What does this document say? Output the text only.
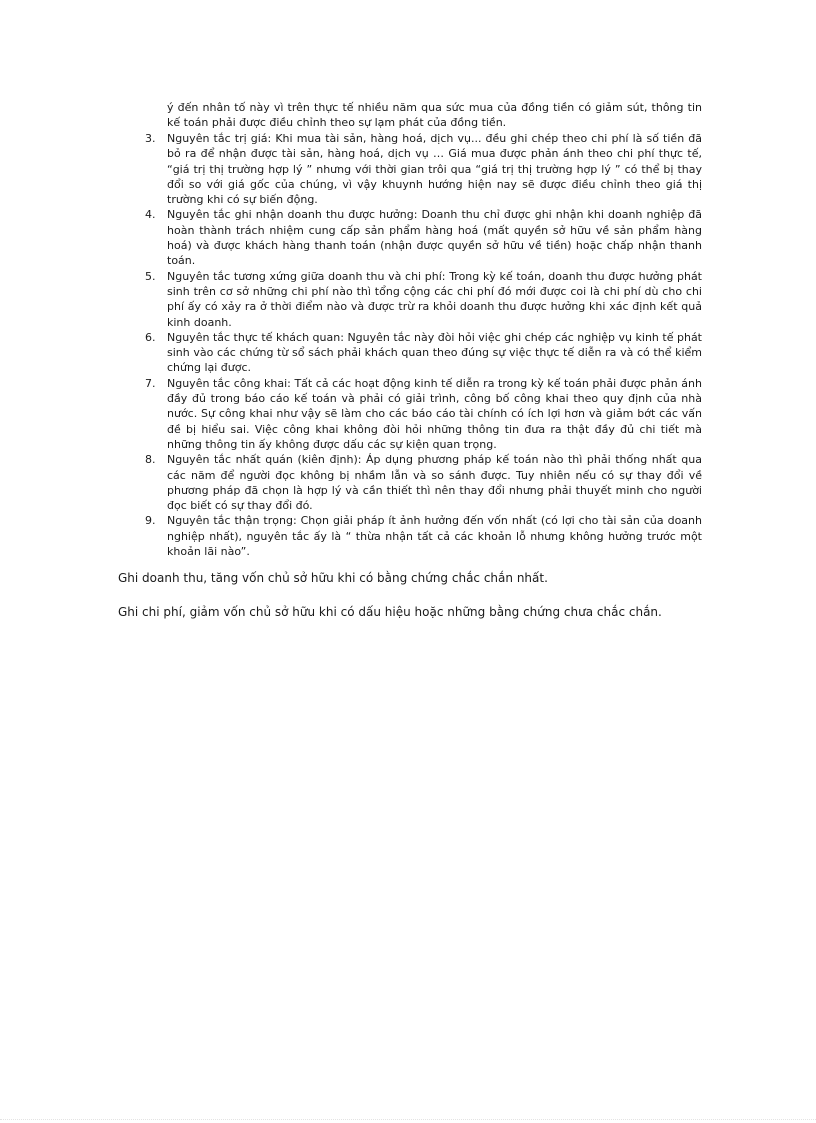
ý đến nhân tố này vì trên thực tế nhiều năm qua sức mua của đồng tiền có giảm sút, thông tin kế toán phải được điều chỉnh theo sự lạm phát của đồng tiền.
3.	Nguyên tắc trị giá: Khi mua tài sản, hàng hoá, dịch vụ... đều ghi chép theo chi phí là số tiền đã bỏ ra để nhận được tài sản, hàng hoá, dịch vụ … Giá mua được phản ánh theo chi phí thực tế, “giá trị thị trường hợp lý ” nhưng với thời gian trôi qua “giá trị thị trường hợp lý ” có thể bị thay đổi so với giá gốc của chúng, vì vậy khuynh hướng hiện nay sẽ được điều chỉnh theo giá thị trường khi có sự biến động.
4.	Nguyên tắc ghi nhận doanh thu được hưởng: Doanh thu chỉ được ghi nhận khi doanh nghiệp đã hoàn thành trách nhiệm cung cấp sản phẩm hàng hoá (mất quyền sở hữu về sản phẩm hàng hoá) và được khách hàng thanh toán (nhận được quyền sở hữu về tiền) hoặc chấp nhận thanh toán.
5.	Nguyên tắc tương xứng giữa doanh thu và chi phí: Trong kỳ kế toán, doanh thu được hưởng phát sinh trên cơ sở những chi phí nào thì tổng cộng các chi phí đó mới được coi là chi phí dù cho chi phí ấy có xảy ra ở thời điểm nào và được trừ ra khỏi doanh thu được hưởng khi xác định kết quả kinh doanh.
6.	Nguyên tắc thực tế khách quan: Nguyên tắc này đòi hỏi việc ghi chép các nghiệp vụ kinh tế phát sinh vào các chứng từ sổ sách phải khách quan theo đúng sự việc thực tế diễn ra và có thể kiểm chứng lại được.
7.	Nguyên tắc công khai: Tất cả các hoạt động kinh tế diễn ra trong kỳ kế toán phải được phản ánh đầy đủ trong báo cáo kế toán và phải có giải trình, công bố công khai theo quy định của nhà nước. Sự công khai như vậy sẽ làm cho các báo cáo tài chính có ích lợi hơn và giảm bớt các vấn đề bị hiểu sai. Việc công khai không đòi hỏi những thông tin đưa ra thật đầy đủ chi tiết mà những thông tin ấy không được dấu các sự kiện quan trọng.
8.	Nguyên tắc nhất quán (kiên định): Áp dụng phương pháp kế toán nào thì phải thống nhất qua các năm để người đọc không bị nhầm lẫn và so sánh được. Tuy nhiên nếu có sự thay đổi về phương pháp đã chọn là hợp lý và cần thiết thì nên thay đổi nhưng phải thuyết minh cho người đọc biết có sự thay đổi đó.
9.	Nguyên tắc thận trọng: Chọn giải pháp ít ảnh hưởng đến vốn nhất (có lợi cho tài sản của doanh nghiệp nhất), nguyên tắc ấy là “ thừa nhận tất cả các khoản lỗ nhưng không hưởng trước một khoản lãi nào”.
Ghi doanh thu, tăng vốn chủ sở hữu khi có bằng chứng chắc chắn nhất.
Ghi chi phí, giảm vốn chủ sở hữu khi có dấu hiệu hoặc những bằng chứng chưa chắc chắn.
